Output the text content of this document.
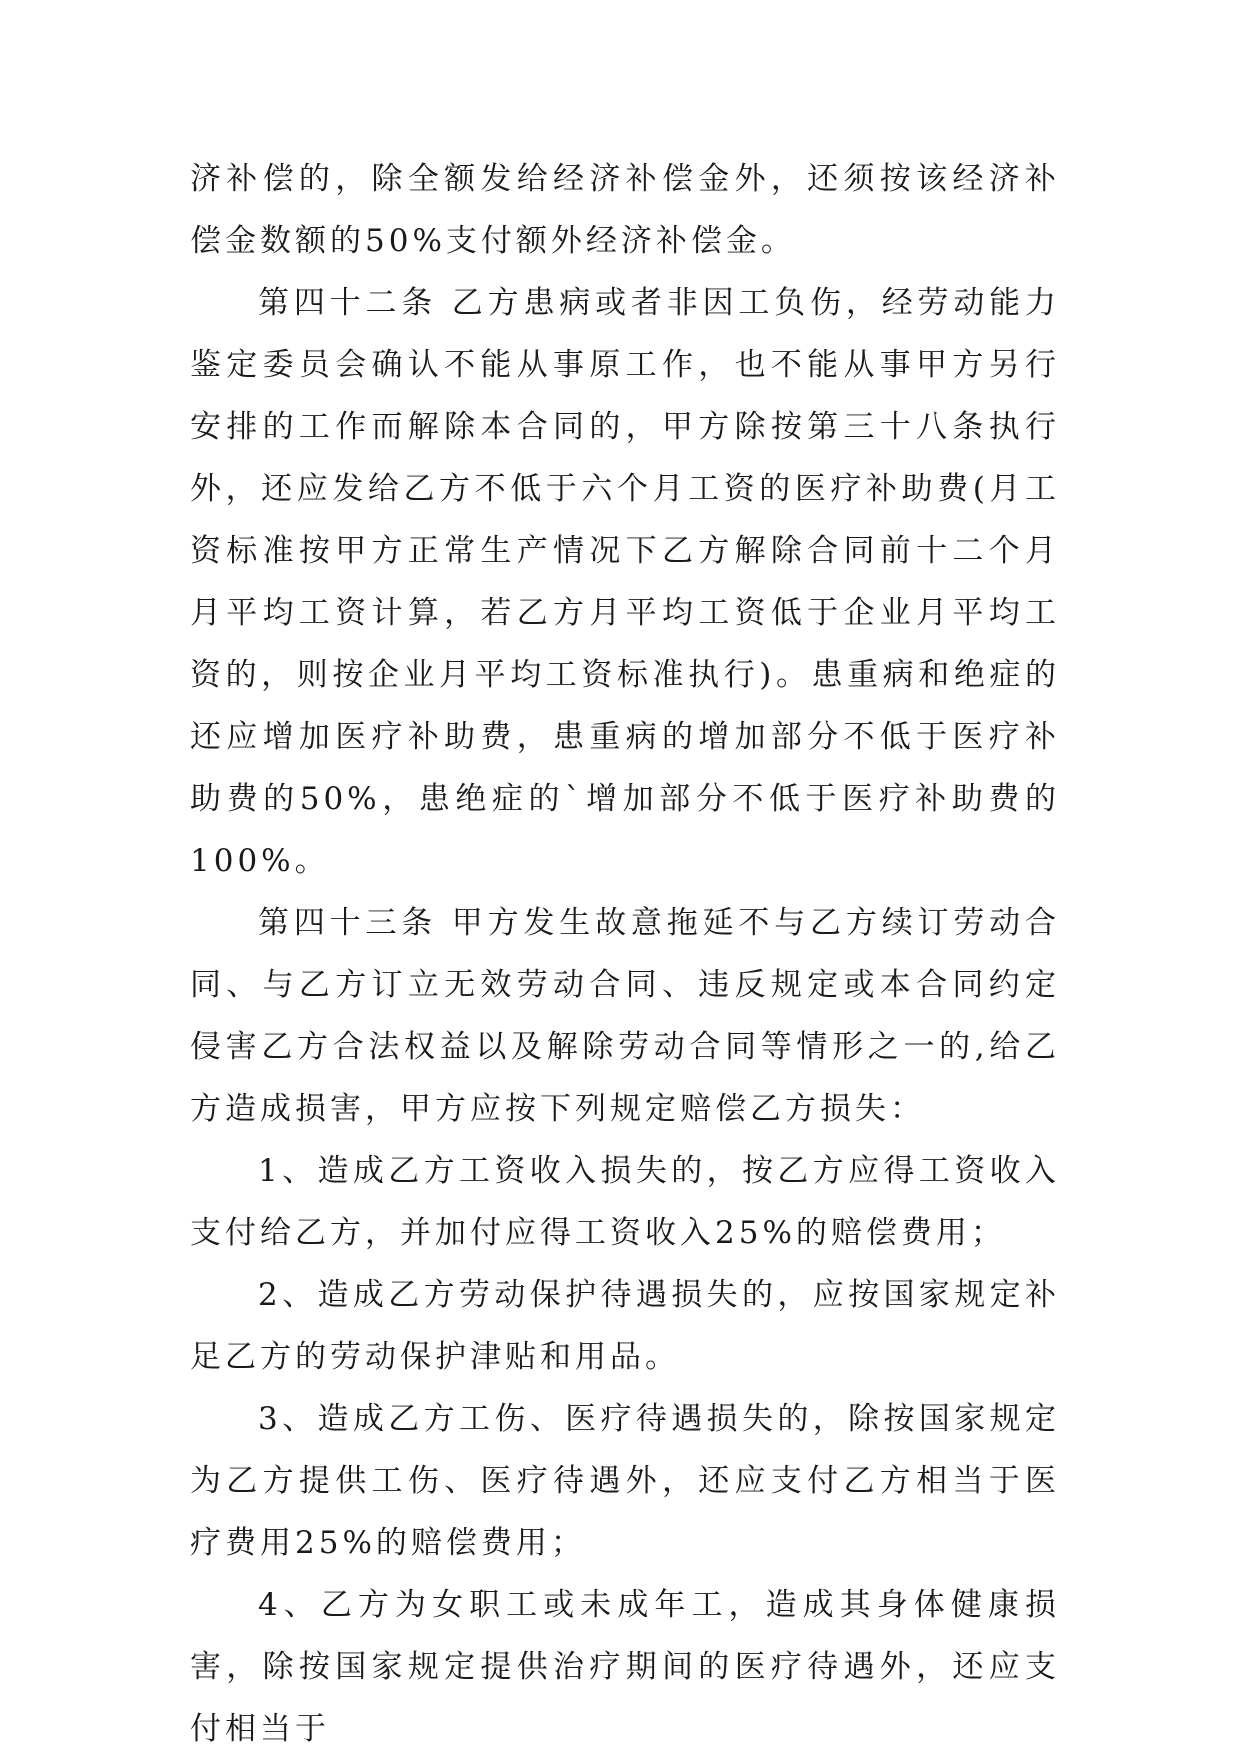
济补偿的，除全额发给经济补偿金外，还须按该经济补偿金数额的50%支付额外经济补偿金。

第四十二条 乙方患病或者非因工负伤，经劳动能力鉴定委员会确认不能从事原工作，也不能从事甲方另行安排的工作而解除本合同的，甲方除按第三十八条执行外，还应发给乙方不低于六个月工资的医疗补助费(月工资标准按甲方正常生产情况下乙方解除合同前十二个月月平均工资计算，若乙方月平均工资低于企业月平均工资的，则按企业月平均工资标准执行)。患重病和绝症的还应增加医疗补助费，患重病的增加部分不低于医疗补助费的50%，患绝症的`增加部分不低于医疗补助费的100%。

第四十三条 甲方发生故意拖延不与乙方续订劳动合同、与乙方订立无效劳动合同、违反规定或本合同约定侵害乙方合法权益以及解除劳动合同等情形之一的,给乙方造成损害，甲方应按下列规定赔偿乙方损失：

1、造成乙方工资收入损失的，按乙方应得工资收入支付给乙方，并加付应得工资收入25%的赔偿费用；

2、造成乙方劳动保护待遇损失的，应按国家规定补足乙方的劳动保护津贴和用品。

3、造成乙方工伤、医疗待遇损失的，除按国家规定为乙方提供工伤、医疗待遇外，还应支付乙方相当于医疗费用25%的赔偿费用；

4、乙方为女职工或未成年工，造成其身体健康损害，除按国家规定提供治疗期间的医疗待遇外，还应支付相当于
